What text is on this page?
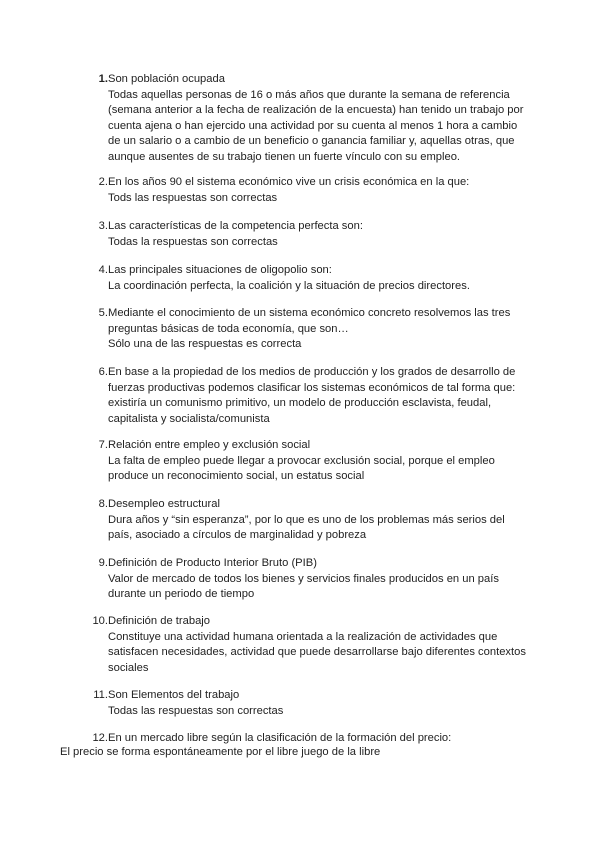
1. Son población ocupada
Todas aquellas personas de 16 o más años que durante la semana de referencia (semana anterior a la fecha de realización de la encuesta) han tenido un trabajo por cuenta ajena o han ejercido una actividad por su cuenta al menos 1 hora a cambio de un salario o a cambio de un beneficio o ganancia familiar y, aquellas otras, que aunque ausentes de su trabajo tienen un fuerte vínculo con su empleo.
2. En los años 90 el sistema económico vive un crisis económica en la que:
Tods las respuestas son correctas
3. Las características de la competencia perfecta son:
Todas la respuestas son correctas
4. Las principales situaciones de oligopolio son:
La coordinación perfecta, la coalición y la situación de precios directores.
5. Mediante el conocimiento de un sistema económico concreto resolvemos las tres preguntas básicas de toda economía, que son…
Sólo una de las respuestas es correcta
6. En base a la propiedad de los medios de producción y los grados de desarrollo de fuerzas productivas podemos clasificar los sistemas económicos de tal forma que: existiría un comunismo primitivo, un modelo de producción esclavista, feudal, capitalista y socialista/comunista
7. Relación entre empleo y exclusión social
La falta de empleo puede llegar a provocar exclusión social, porque el empleo produce un reconocimiento social, un estatus social
8. Desempleo estructural
Dura años y “sin esperanza”, por lo que es uno de los problemas más serios del país, asociado a círculos de marginalidad y pobreza
9. Definición de Producto Interior Bruto (PIB)
Valor de mercado de todos los bienes y servicios finales producidos en un país durante un periodo de tiempo
10. Definición de trabajo
Constituye una actividad humana orientada a la realización de actividades que satisfacen necesidades, actividad que puede desarrollarse bajo diferentes contextos sociales
11. Son Elementos del trabajo
Todas las respuestas son correctas
12. En un mercado libre según la clasificación de la formación del precio:
El precio se forma espontáneamente por el libre juego de la libre
